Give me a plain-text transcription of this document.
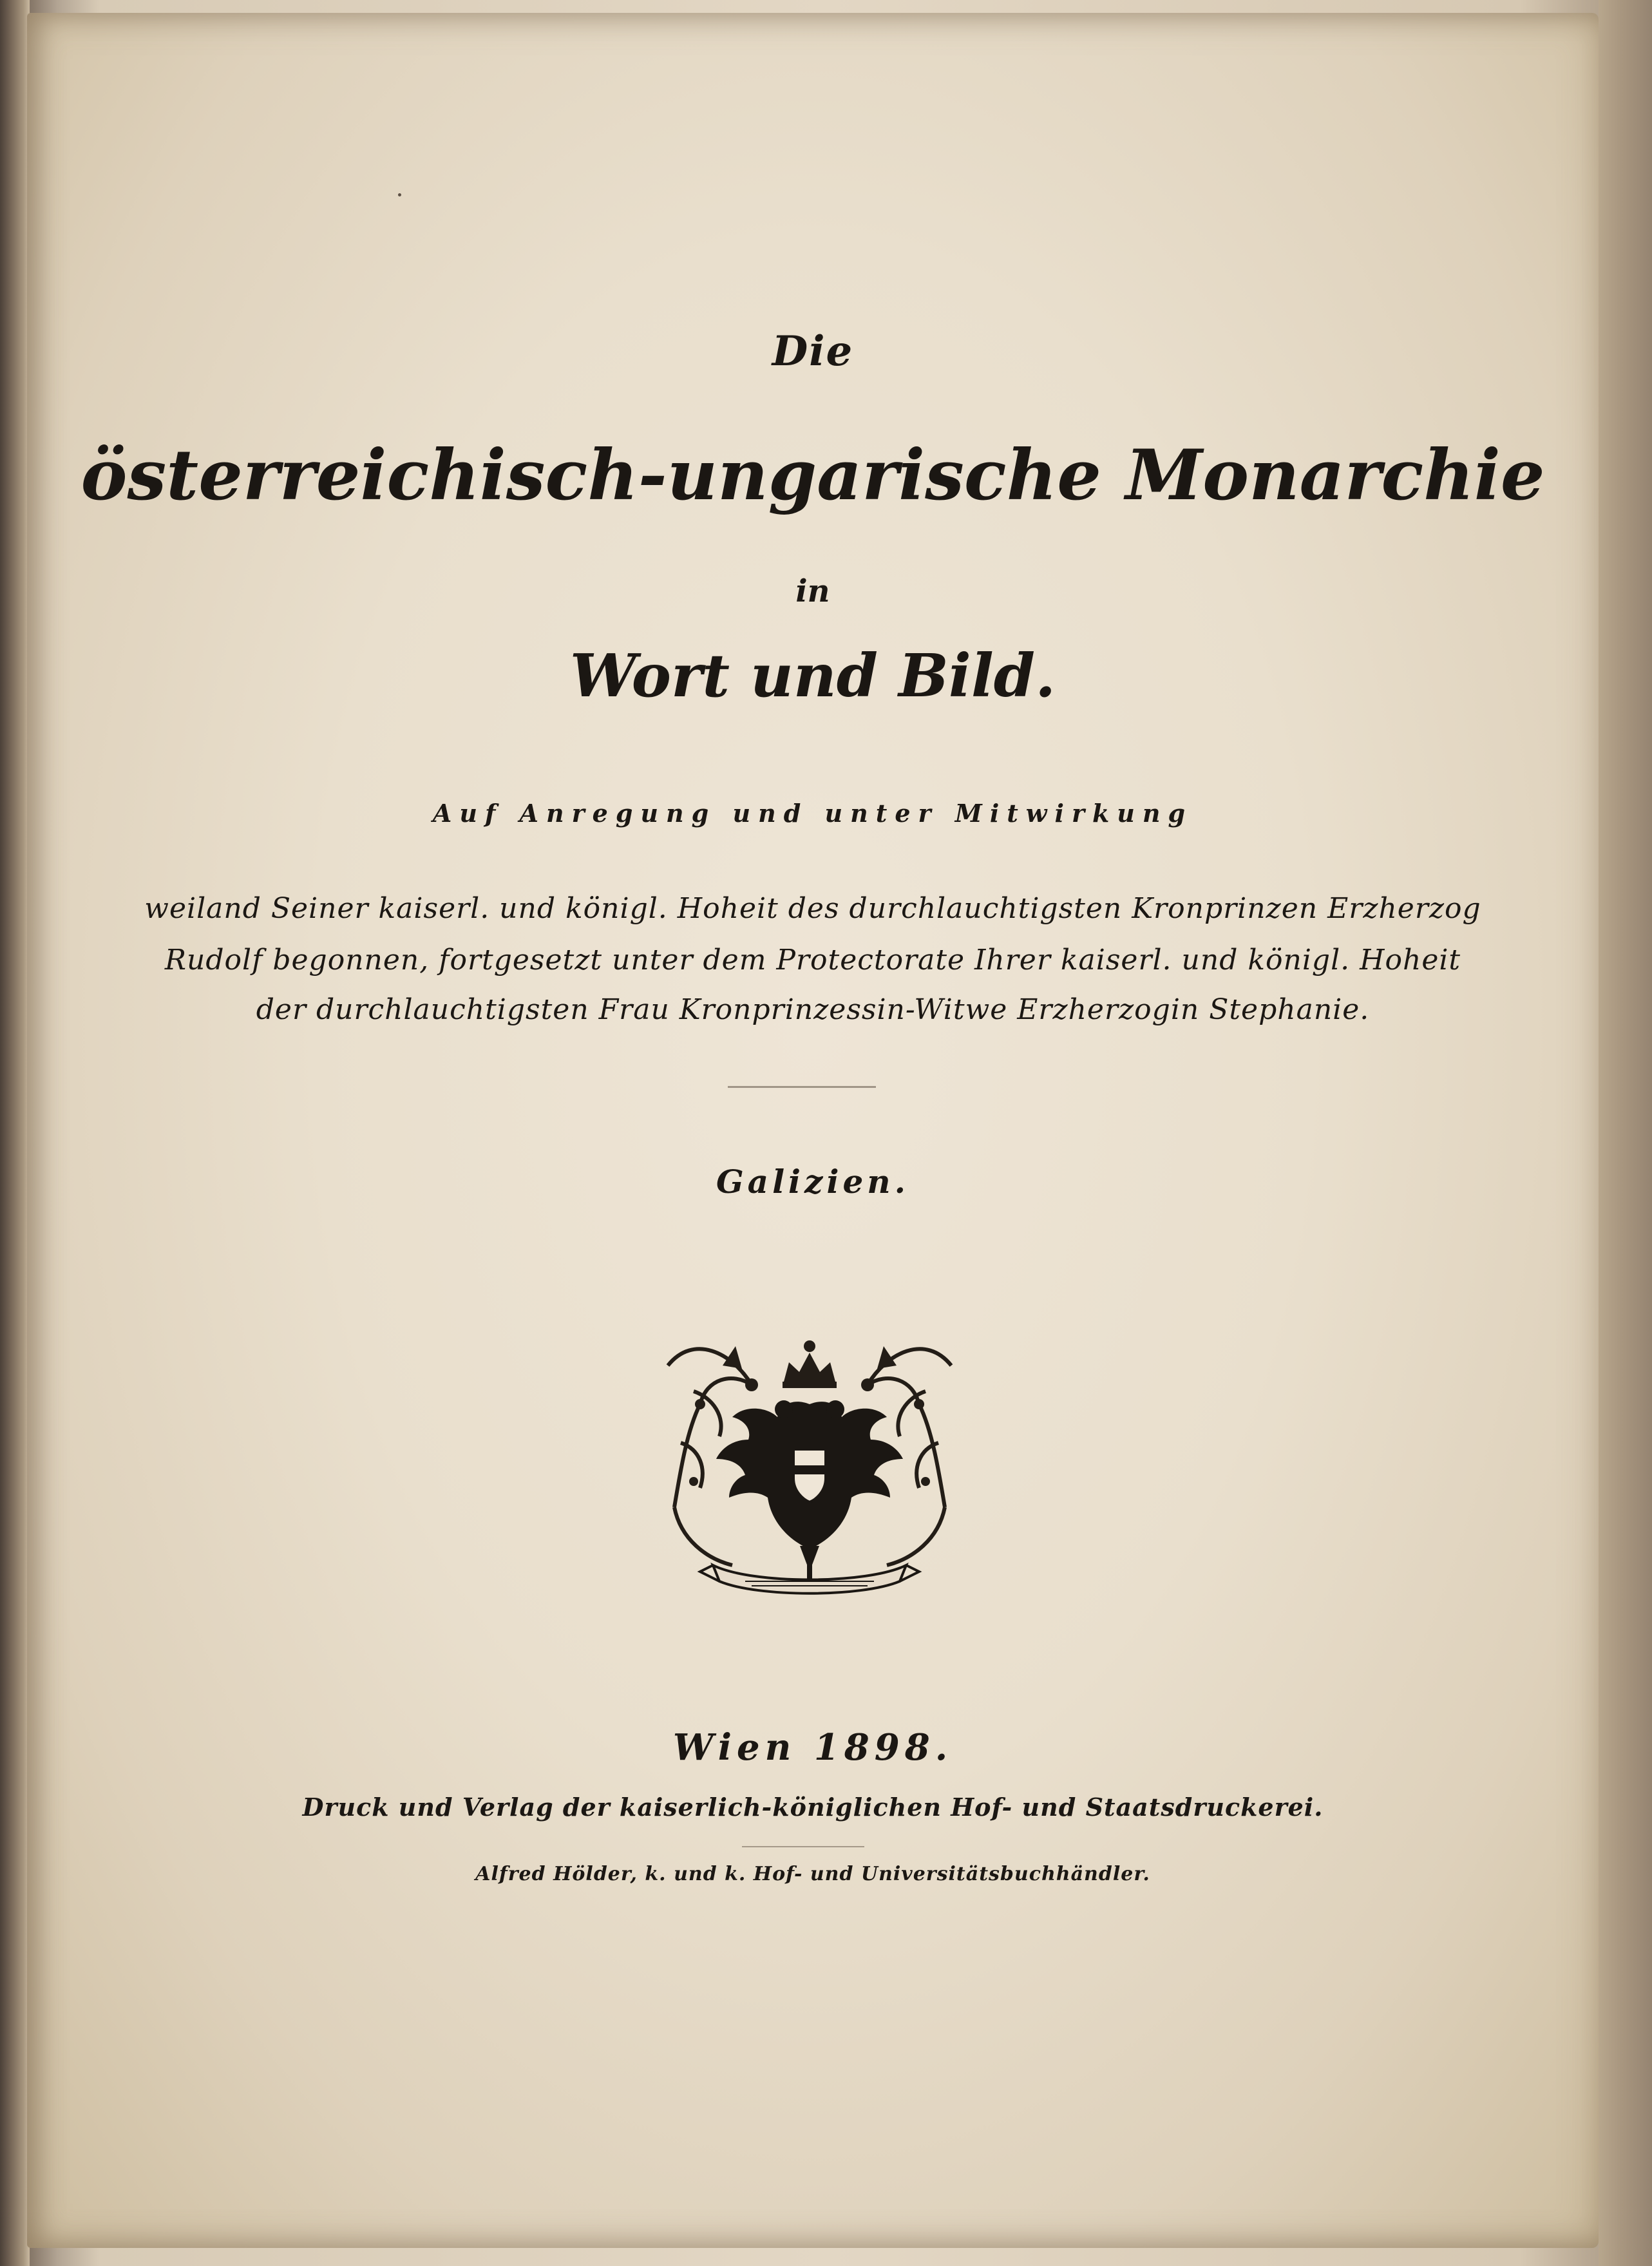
Die

österreichisch-ungarische Monarchie

in

Wort und Bild.

Auf Anregung und unter Mitwirkung

weiland Seiner kaiserl. und königl. Hoheit des durchlauchtigsten Kronprinzen Erzherzog

Rudolf begonnen, fortgesetzt unter dem Protectorate Ihrer kaiserl. und königl. Hoheit

der durchlauchtigsten Frau Kronprinzessin-Witwe Erzherzogin Stephanie.

Galizien.

Wien 1898.

Druck und Verlag der kaiserlich-königlichen Hof- und Staatsdruckerei.

Alfred Hölder, k. und k. Hof- und Universitätsbuchhändler.
